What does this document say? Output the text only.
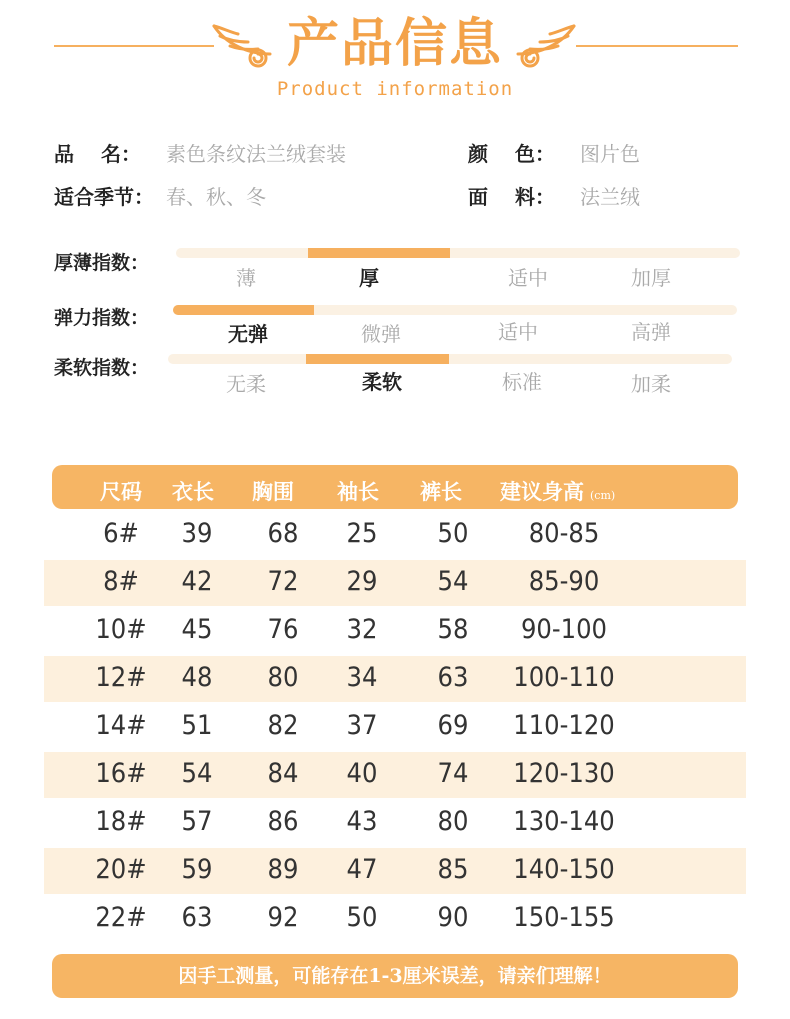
产品信息
Product information
品　 名： 素色条纹法兰绒套装	颜　 色： 图片色
适合季节： 春、秋、冬	面　 料： 法兰绒
厚薄指数：
薄	厚	适中	加厚
弹力指数：
无弹	微弹	适中	高弹
柔软指数：
无柔	柔软	标准	加柔
尺码 衣长 胸围 袖长 裤长 建议身高 (cm)
6#	39	68	25	50	80-85
8#	42	72	29	54	85-90
10#	45	76	32	58	90-100
12#	48	80	34	63	100-110
14#	51	82	37	69	110-120
16#	54	84	40	74	120-130
18#	57	86	43	80	130-140
20#	59	89	47	85	140-150
22#	63	92	50	90	150-155
因手工测量，可能存在1-3厘米误差，请亲们理解！
